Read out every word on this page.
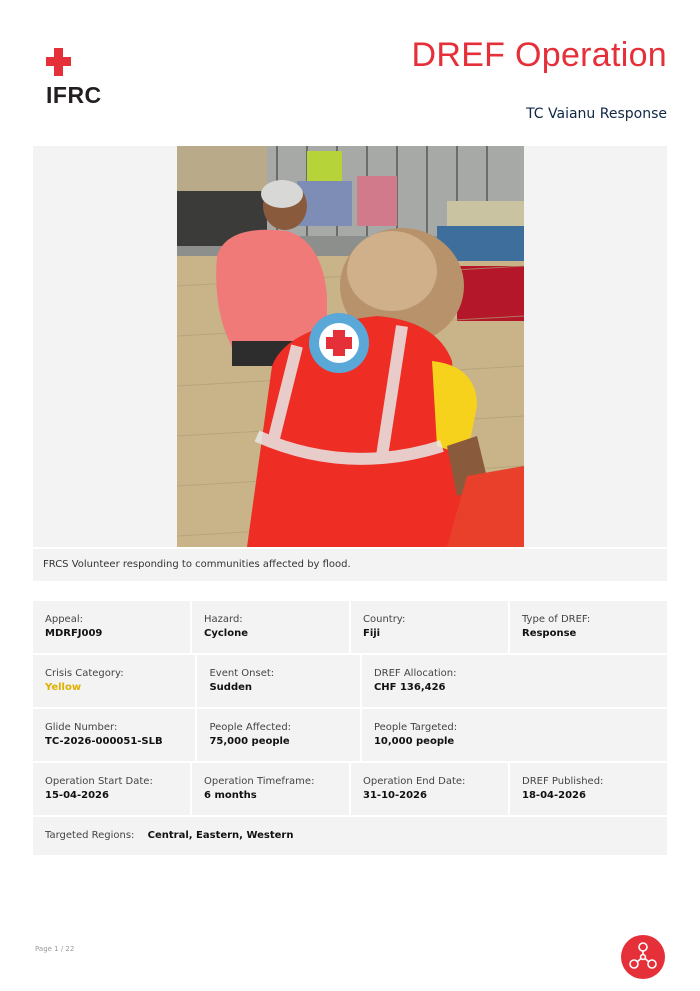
IFRC
DREF Operation
TC Vaianu Response
FRCS Volunteer responding to communities affected by flood.
Appeal:
MDRFJ009
Hazard:
Cyclone
Country:
Fiji
Type of DREF:
Response
Crisis Category:
Yellow
Event Onset:
Sudden
DREF Allocation:
CHF 136,426
Glide Number:
TC-2026-000051-SLB
People Affected:
75,000 people
People Targeted:
10,000 people
Operation Start Date:
15-04-2026
Operation Timeframe:
6 months
Operation End Date:
31-10-2026
DREF Published:
18-04-2026
Targeted Regions: Central, Eastern, Western
Page 1 / 22
